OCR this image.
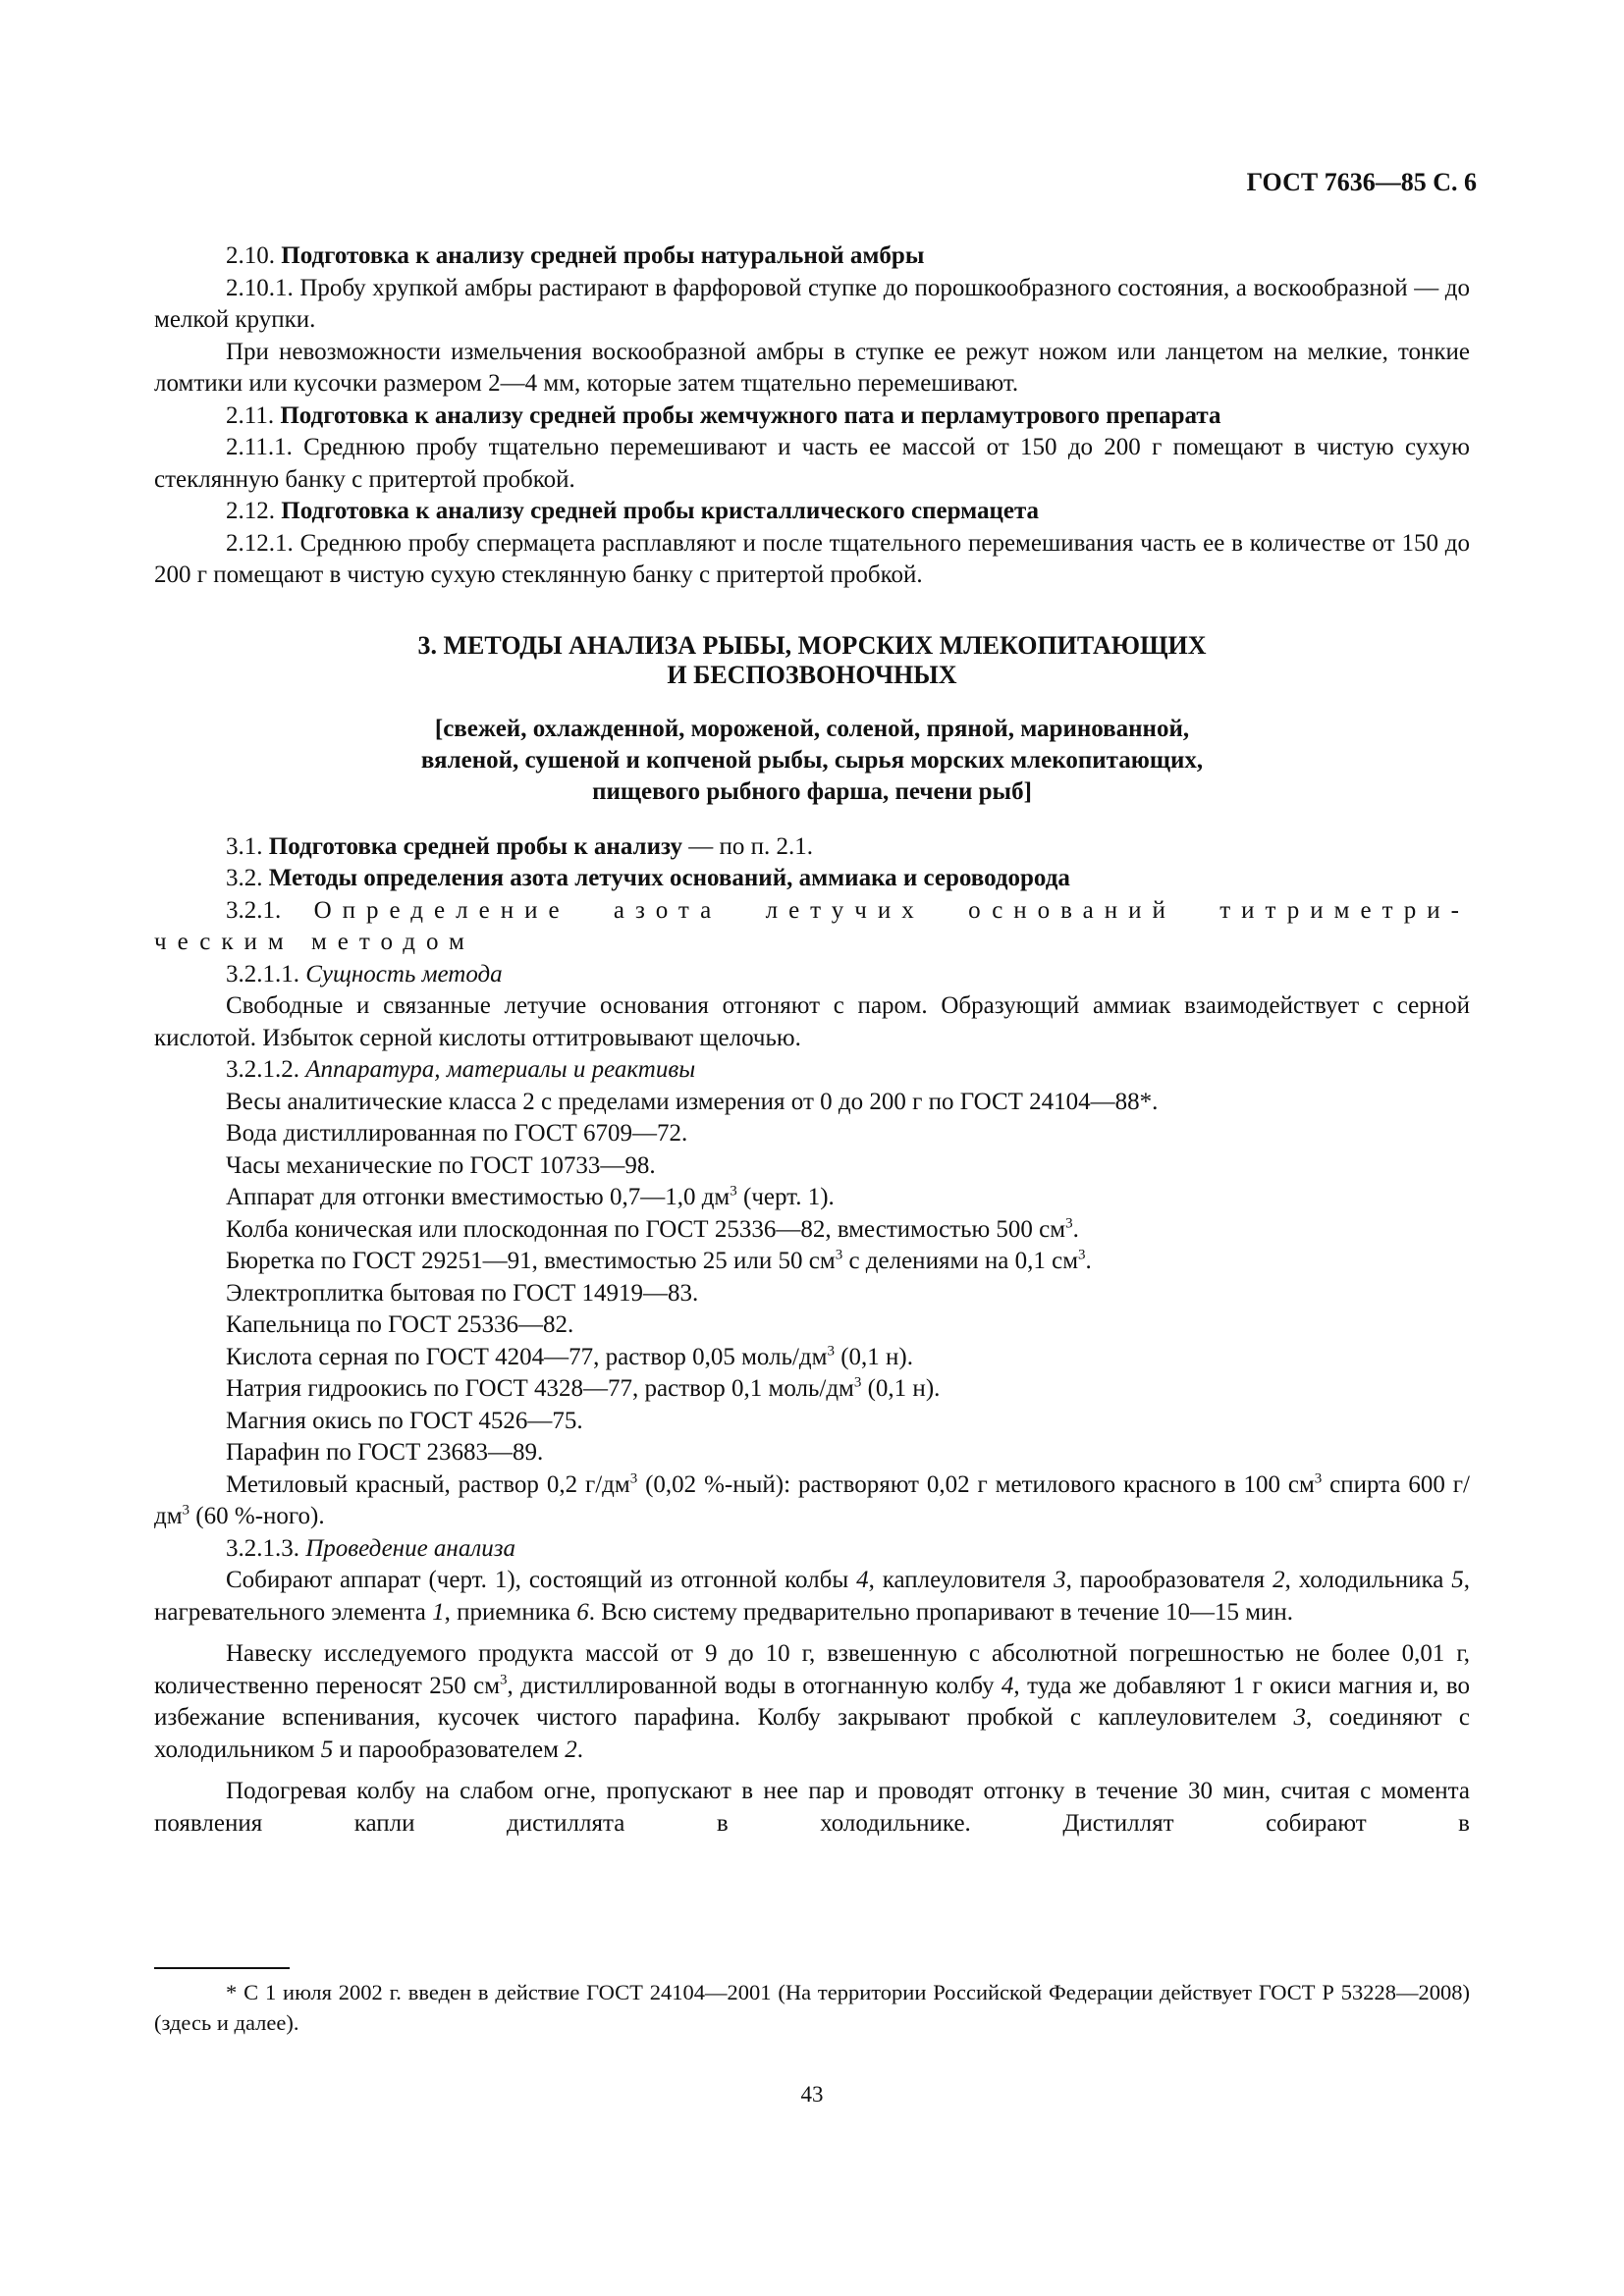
ГОСТ 7636—85 С. 6

2.10. Подготовка к анализу средней пробы натуральной амбры

2.10.1. Пробу хрупкой амбры растирают в фарфоровой ступке до порошкообразного состояния, а воскообразной — до мелкой крупки.

При невозможности измельчения воскообразной амбры в ступке ее режут ножом или ланцетом на мелкие, тонкие ломтики или кусочки размером 2—4 мм, которые затем тщательно перемешивают.

2.11. Подготовка к анализу средней пробы жемчужного пата и перламутрового препарата

2.11.1. Среднюю пробу тщательно перемешивают и часть ее массой от 150 до 200 г помещают в чистую сухую стеклянную банку с притертой пробкой.

2.12. Подготовка к анализу средней пробы кристаллического спермацета

2.12.1. Среднюю пробу спермацета расплавляют и после тщательного перемешивания часть ее в количестве от 150 до 200 г помещают в чистую сухую стеклянную банку с притертой пробкой.

3. МЕТОДЫ АНАЛИЗА РЫБЫ, МОРСКИХ МЛЕКОПИТАЮЩИХ
И БЕСПОЗВОНОЧНЫХ
[свежей, охлажденной, мороженой, соленой, пряной, маринованной,
вяленой, сушеной и копченой рыбы, сырья морских млекопитающих,
пищевого рыбного фарша, печени рыб]

3.1. Подготовка средней пробы к анализу — по п. 2.1.

3.2. Методы определения азота летучих оснований, аммиака и сероводорода

3.2.1. Определение азота летучих оснований титриметри-

ческим методом

3.2.1.1. Сущность метода

Свободные и связанные летучие основания отгоняют с паром. Образующий аммиак взаимодействует с серной кислотой. Избыток серной кислоты оттитровывают щелочью.

3.2.1.2. Аппаратура, материалы и реактивы

Весы аналитические класса 2 с пределами измерения от 0 до 200 г по ГОСТ 24104—88*.

Вода дистиллированная по ГОСТ 6709—72.

Часы механические по ГОСТ 10733—98.

Аппарат для отгонки вместимостью 0,7—1,0 $дм^3$ (черт. 1).

Колба коническая или плоскодонная по ГОСТ 25336—82, вместимостью 500 $см^3$.

Бюретка по ГОСТ 29251—91, вместимостью 25 или 50 $см^3$ с делениями на 0,1 $см^3$.

Электроплитка бытовая по ГОСТ 14919—83.

Капельница по ГОСТ 25336—82.

Кислота серная по ГОСТ 4204—77, раствор 0,05 моль/$дм^3$ (0,1 н).

Натрия гидроокись по ГОСТ 4328—77, раствор 0,1 моль/$дм^3$ (0,1 н).

Магния окись по ГОСТ 4526—75.

Парафин по ГОСТ 23683—89.

Метиловый красный, раствор 0,2 $г/дм^3$ (0,02 %-ный): растворяют 0,02 г метилового красного в 100 $см^3$ спирта 600 $г/дм^3$ (60 %-ного).

3.2.1.3. Проведение анализа

Собирают аппарат (черт. 1), состоящий из отгонной колбы 4, каплеуловителя 3, парообразователя 2, холодильника 5, нагревательного элемента 1, приемника 6. Всю систему предварительно пропаривают в течение 10—15 мин.

Навеску исследуемого продукта массой от 9 до 10 г, взвешенную с абсолютной погрешностью не более 0,01 г, количественно переносят 250 $см^3$, дистиллированной воды в отогнанную колбу 4, туда же добавляют 1 г окиси магния и, во избежание вспенивания, кусочек чистого парафина. Колбу закрывают пробкой с каплеуловителем 3, соединяют с холодильником 5 и парообразователем 2.

Подогревая колбу на слабом огне, пропускают в нее пар и проводят отгонку в течение 30 мин, считая с момента появления капли дистиллята в холодильнике. Дистиллят собирают в

* С 1 июля 2002 г. введен в действие ГОСТ 24104—2001 (На территории Российской Федерации действует ГОСТ Р 53228—2008) (здесь и далее).

43
